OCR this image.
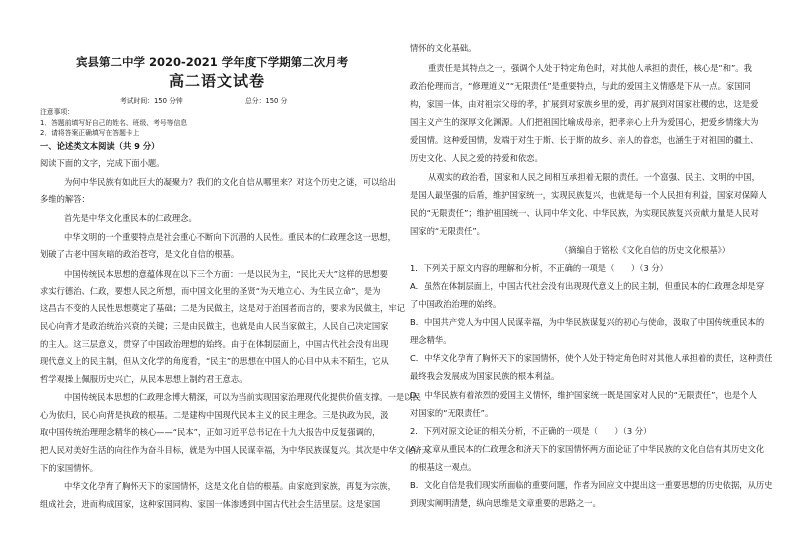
宾县第二中学 2020-2021 学年度下学期第二次月考
高二语文试卷
考试时间：150 分钟	总分：150 分
注意事项：
1．答题前填写好自己的姓名、班级、考号等信息
2．请将答案正确填写在答题卡上
一、论述类文本阅读（共 9 分）
阅读下面的文字，完成下面小题。
为何中华民族有如此巨大的凝聚力？我们的文化自信从哪里来？对这个历史之谜，可以给出
多维的解答：
首先是中华文化重民本的仁政理念。
中华文明的一个重要特点是社会重心不断向下沉潜的人民性。重民本的仁政理念这一思想，
划破了古老中国灰暗的政治苍穹，是文化自信的根基。
中国传统民本思想的意蕴体现在以下三个方面：一是以民为主，“民比天大”这样的思想要
求实行德治、仁政，要想人民之所想，而中国文化里的圣贤“为天地立心、为生民立命”，是为
这昌古不变的人民性思想奠定了基础；二是为民做主，这是对于治国者而言的，要求为民做主，牢记
民心向背才是政治统治兴衰的关键；三是由民做主，也就是由人民当家做主，人民自己决定国家
的主人。这三层意义，贯穿了中国政治理想的始终。由于在体制层面上，中国古代社会没有出现
现代意义上的民主制，但从文化学的角度看，“民主”的思想在中国人的心目中从未不陌生，它从
哲学观操上佩服历史兴亡，从民本思想上制约君王意志。
中国传统民本思想的仁政理念博大精深，可以为当前实现国家治理现代化提供价值支撑。一是以民
心为依归，民心向背是执政的根基。二是建构中国现代民本主义的民主理念。三是执政为民，汲
取中国传统治理理念精华的核心——“民本”，正如习近平总书记在十九大报告中反复强调的，
把人民对美好生活的向往作为奋斗目标，就是为中国人民谋幸福，为中华民族谋复兴。其次是中华文化济天
下的家国情怀。
中华文化孕育了胸怀天下的家国情怀，这是文化自信的根基。由家庭到家族，再复为宗族，
组成社会，进而构成国家，这种家国同构、家国一体渗透到中国古代社会生活里层。这是家国
情怀的文化基础。
重责任是其特点之一，强调个人处于特定角色时，对其他人承担的责任，核心是“和”。我
政治伦理而言，“修理道义”“无限责任”是重要特点，与此的爱国主义情感是下从一点。家国同
构，家国一体，由对祖宗父母的孝，扩展到对家族乡里的爱，再扩展到对国家社稷的忠，这是爱
国主义产生的深厚文化渊源。人们把祖国比喻成母亲，把孝亲心上升为爱国心，把爱乡情缘大为
爱国情。这种爱国情，发端于对生于斯、长于斯的故乡、亲人的眷恋，也涵生于对祖国的疆土、
历史文化、人民之爱的持爱和依恋。
从观实的政治看，国家和人民之间相互承担着无限的责任。一个富强、民主、文明的中国，
是国人最坚强的后盾，维护国家统一，实现民族复兴，也就是每一个人民担有利益，国家对保障人
民的“无限责任”；维护祖国统一、认同中华文化、中华民族，为实现民族复兴贡献力量是人民对
国家的“无限责任”。
（摘编自于铭松《文化自信的历史文化根基》）
1．下列关于原文内容的理解和分析，不正确的一项是（　　）（3 分）
A．虽然在体制层面上，中国古代社会没有出现现代意义上的民主制，但重民本的仁政理念却是穿
了中国政治治理的始终。
B．中国共产党人为中国人民谋幸福，为中华民族谋复兴的初心与使命，汲取了中国传统重民本的
理念精华。
C．中华文化孕育了胸怀天下的家国情怀，使个人处于特定角色时对其他人承担着的责任，这种责任
最终我会发展成为国家民族的根本利益。
D．中华民族有着浓烈的爱国主义情怀，维护国家统一既是国家对人民的“无限责任”，也是个人
对国家的“无限责任”。
2．下列对原文论证的相关分析，不正确的一项是（　　）（3 分）
A．文章从重民本的仁政理念和济天下的家国情怀两方面论证了中华民族的文化自信有其历史文化
的根基这一观点。
B．文化自信是我们现实所面临的重要问题，作者为回应文中提出这一重要思想的历史依据，从历史
到现实阐明清楚，纵向思维是文章重要的思路之一。
